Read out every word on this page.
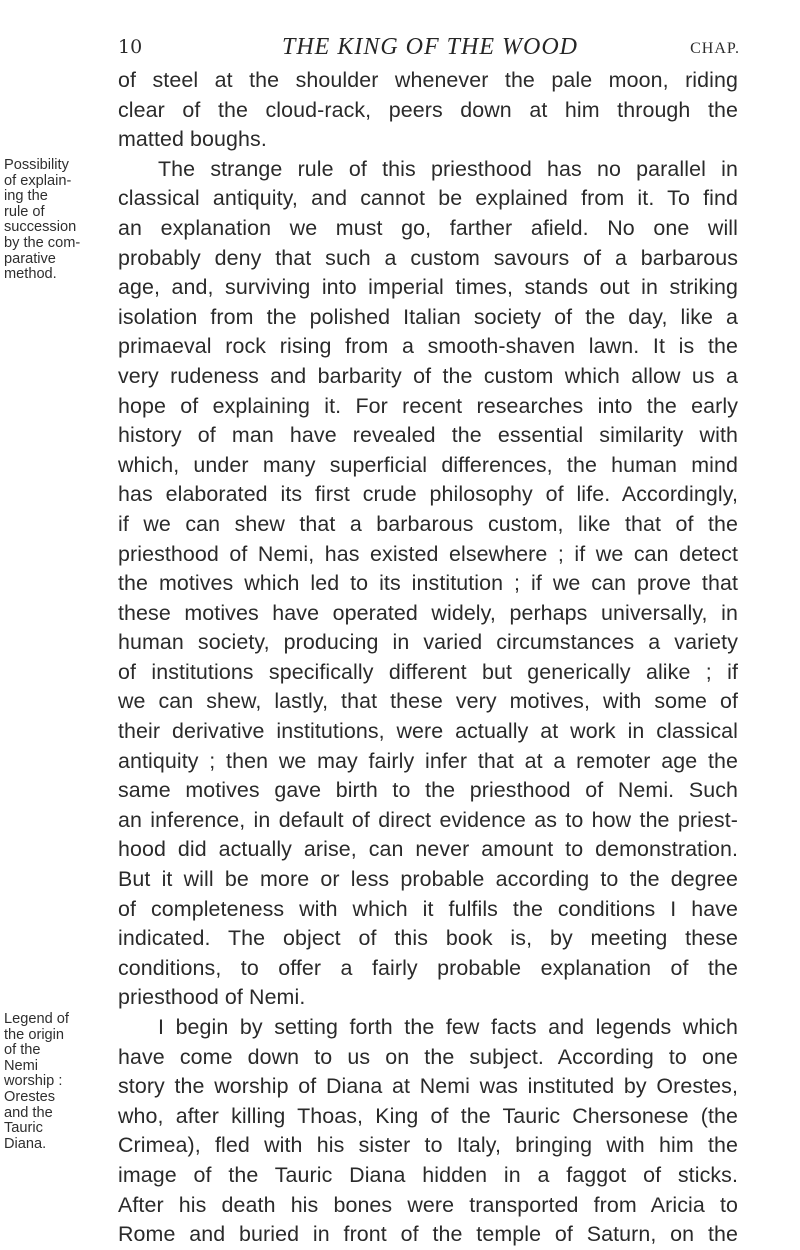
10	THE KING OF THE WOOD	CHAP.
Possibility
of explain-
ing the
rule of
succession
by the com-
parative
method.
Legend of
the origin
of the
Nemi
worship :
Orestes
and the
Tauric
Diana.
of steel at the shoulder whenever the pale moon, riding
clear of the cloud-rack, peers down at him through the
matted boughs.
The strange rule of this priesthood has no parallel in
classical antiquity, and cannot be explained from it. To find
an explanation we must go, farther afield. No one will
probably deny that such a custom savours of a barbarous
age, and, surviving into imperial times, stands out in striking
isolation from the polished Italian society of the day, like a
primaeval rock rising from a smooth-shaven lawn. It is the
very rudeness and barbarity of the custom which allow us a
hope of explaining it. For recent researches into the early
history of man have revealed the essential similarity with
which, under many superficial differences, the human mind
has elaborated its first crude philosophy of life. Accordingly,
if we can shew that a barbarous custom, like that of the
priesthood of Nemi, has existed elsewhere ; if we can detect
the motives which led to its institution ; if we can prove that
these motives have operated widely, perhaps universally, in
human society, producing in varied circumstances a variety
of institutions specifically different but generically alike ; if
we can shew, lastly, that these very motives, with some of
their derivative institutions, were actually at work in classical
antiquity ; then we may fairly infer that at a remoter age the
same motives gave birth to the priesthood of Nemi. Such
an inference, in default of direct evidence as to how the priest-
hood did actually arise, can never amount to demonstration.
But it will be more or less probable according to the degree
of completeness with which it fulfils the conditions I have
indicated. The object of this book is, by meeting these
conditions, to offer a fairly probable explanation of the
priesthood of Nemi.
I begin by setting forth the few facts and legends which
have come down to us on the subject. According to one
story the worship of Diana at Nemi was instituted by Orestes,
who, after killing Thoas, King of the Tauric Chersonese (the
Crimea), fled with his sister to Italy, bringing with him the
image of the Tauric Diana hidden in a faggot of sticks.
After his death his bones were transported from Aricia to
Rome and buried in front of the temple of Saturn, on the
